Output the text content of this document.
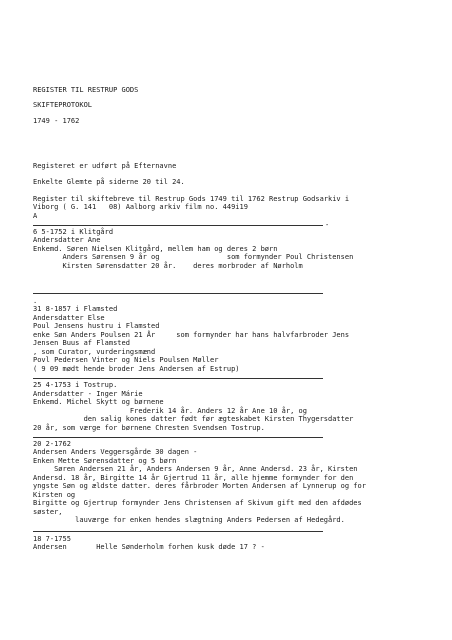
REGISTER TIL RESTRUP GODS
SKIFTEPROTOKOL
1749 - 1762
Registeret er udført på Efternavne
Enkelte Glemte på siderne 20 til 24.
Register til skiftebreve til Restrup Gods 1749 til 1762 Restrup Godsarkiv i
Viborg ( G. 141   08) Aalborg arkiv film no. 449i19
A
-
6 5-1752 i Klitgård
Andersdatter Ane
Enkemd. Søren Nielsen Klitgård, mellem ham og deres 2 børn
Anders Sørensen 9 år og                som formynder Poul Christensen
Kirsten Sørensdatter 20 år.    deres morbroder af Nørholm
.
31 8-1857 i Flamsted
Andersdatter Else
Poul Jensens hustru i Flamsted
enke Søn Anders Poulsen 21 År     som formynder har hans halvfarbroder Jens
Jensen Buus af Flamsted
, som Curator, vurderingsmænd
Povl Pedersen Vinter og Niels Poulsen Møller
( 9 09 mødt hende broder Jens Andersen af Estrup)
25 4-1753 i Tostrup.
Andersdatter - Inger Márie
Enkemd. Michel Skytt og børnene
Frederik 14 år. Anders 12 år Ane 10 år, og
den salig kones datter født før ægteskabet Kirsten Thygersdatter
20 år, som værge for børnene Chresten Svendsen Tostrup.
20 2-1762
Andersen Anders Veggersgårde 30 dagen -
Enken Mette Sørensdatter og 5 børn
Søren Andersen 21 år, Anders Andersen 9 år, Anne Andersd. 23 år, Kirsten
Andersd. 18 år, Birgitte 14 år Gjertrud 11 år, alle hjemme formynder for den
yngste Søn og ældste datter. deres fårbroder Morten Andersen af Lynnerup og for
Kirsten og
Birgitte og Gjertrup formynder Jens Christensen af Skivum gift med den afdødes
søster,
lauværge for enken hendes slægtning Anders Pedersen af Hedegård.
18 7-1755
Andersen       Helle Sønderholm forhen kusk døde 17 ? -
